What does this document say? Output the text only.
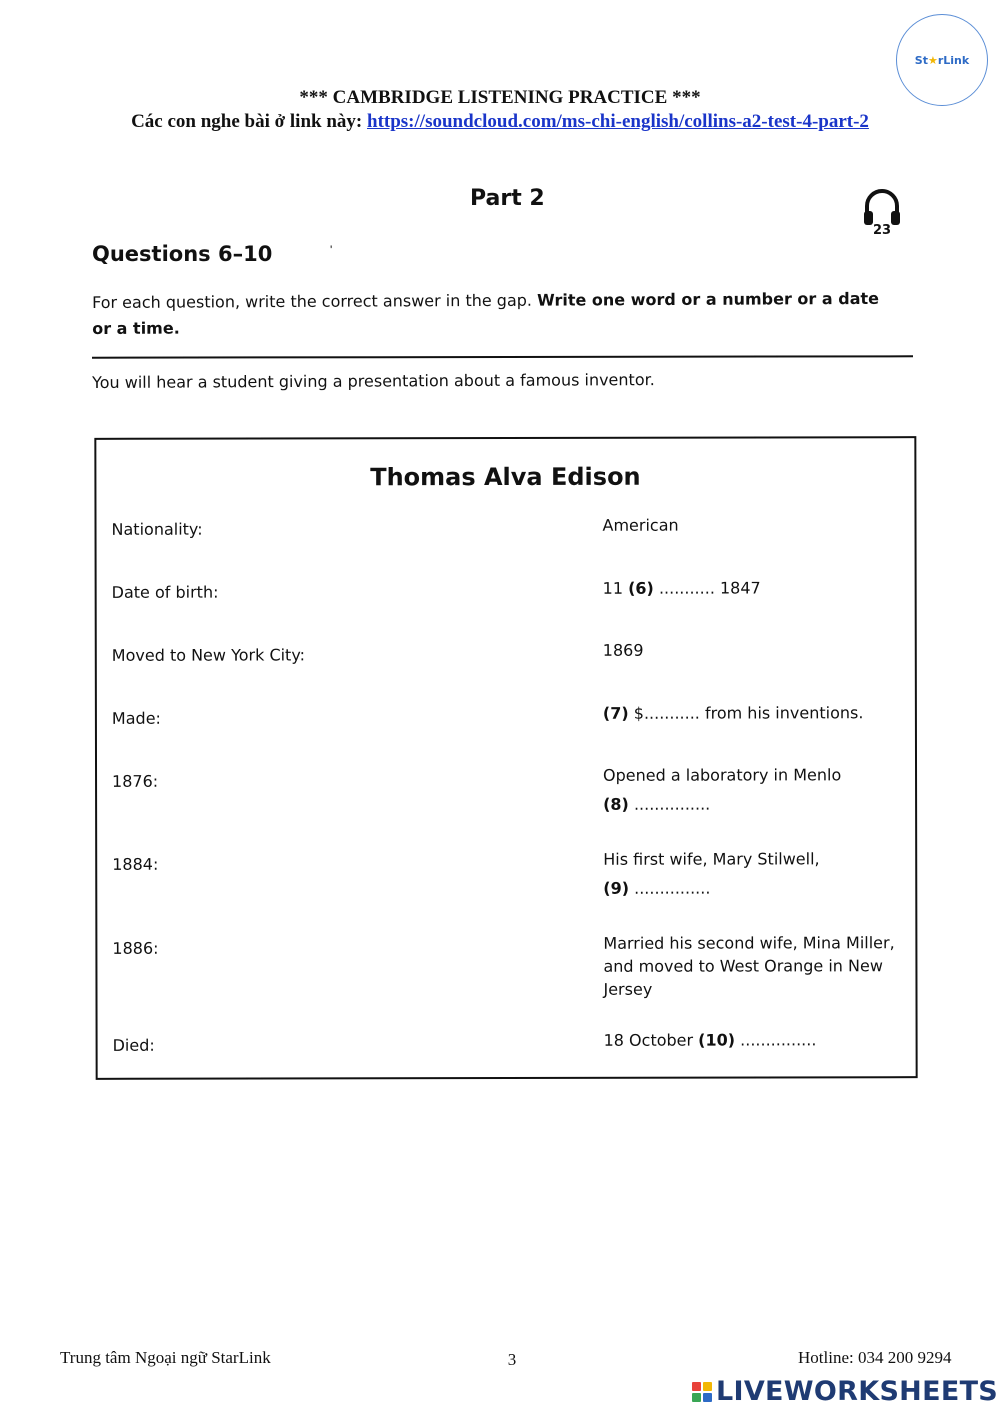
St★rLink
*** CAMBRIDGE LISTENING PRACTICE ***
Các con nghe bài ở link này: https://soundcloud.com/ms-chi-english/collins-a2-test-4-part-2
Part 2
23
Questions 6–10	'
For each question, write the correct answer in the gap. Write one word or a number or a date or a time.
You will hear a student giving a presentation about a famous inventor.
Thomas Alva Edison
Nationality:	American
Date of birth:	11 (6) ........... 1847
Moved to New York City:	1869
Made:	(7) $........... from his inventions.
1876:	Opened a laboratory in Menlo
(8) ...............
1884:	His first wife, Mary Stilwell,
(9) ...............
1886:	Married his second wife, Mina Miller, and moved to West Orange in New Jersey
Died:	18 October (10) ...............
Trung tâm Ngoại ngữ StarLink	3	Hotline: 034 200 9294
LIVEWORKSHEETS
